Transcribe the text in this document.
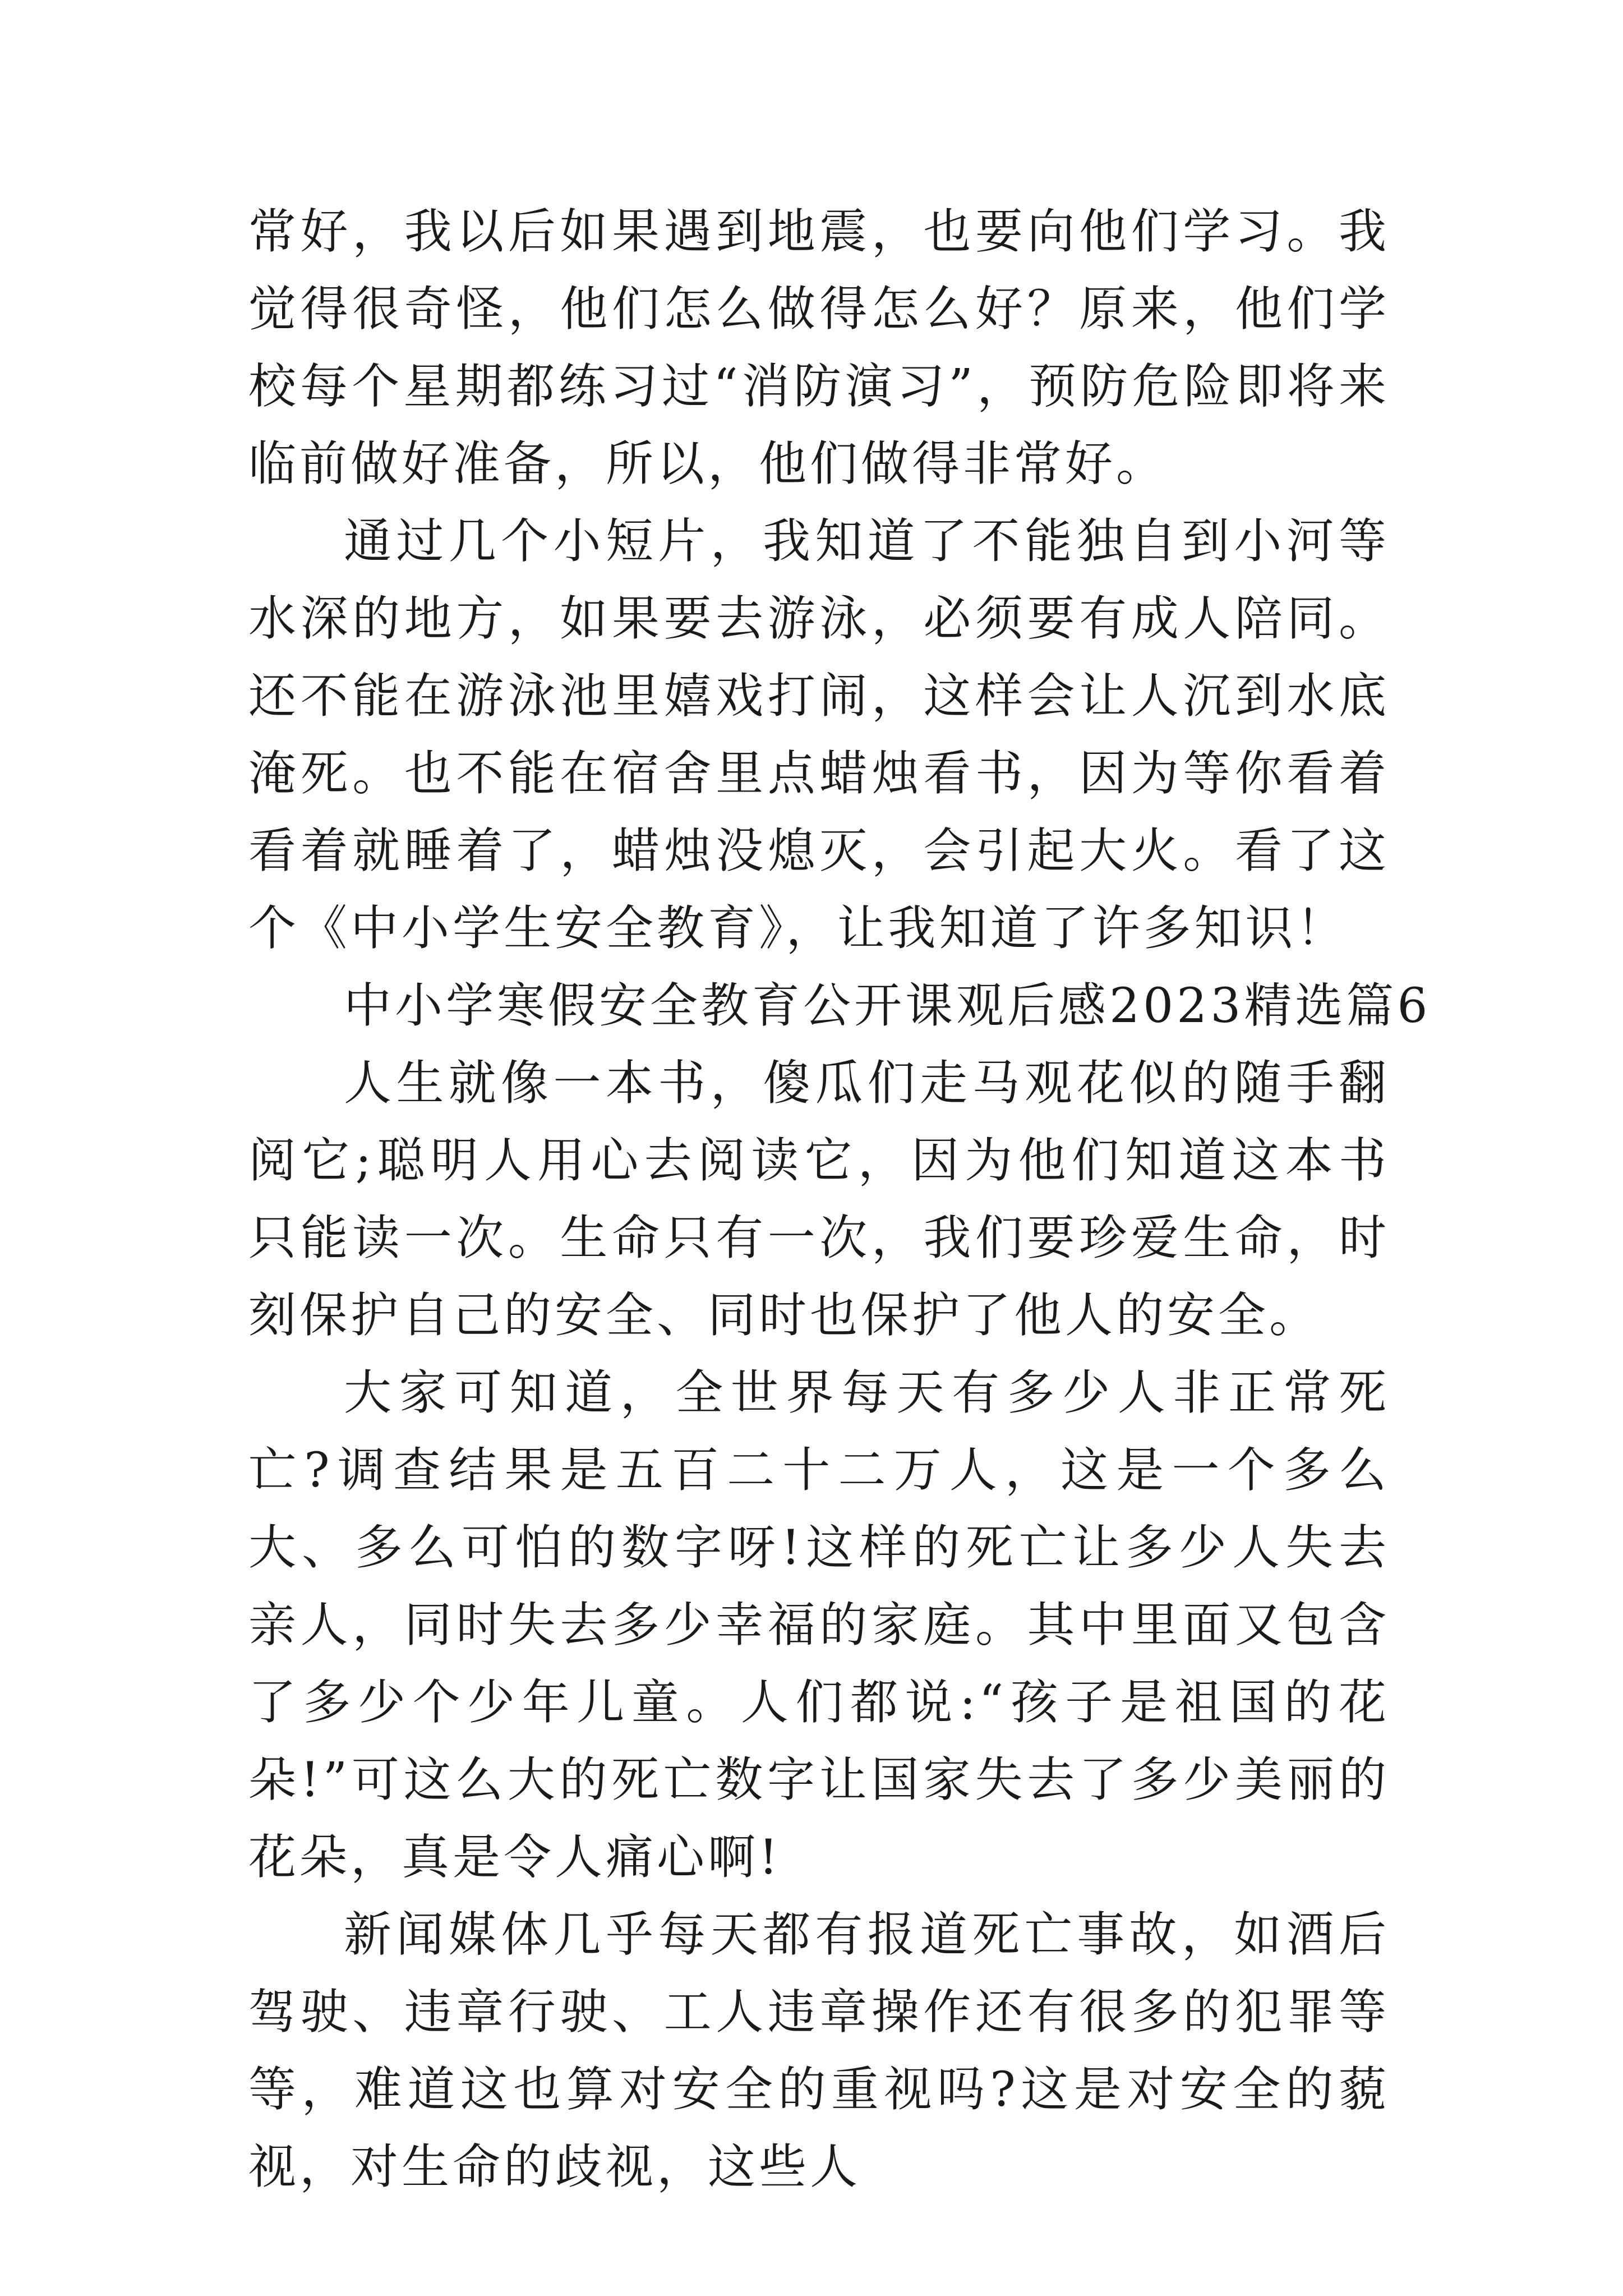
常好，我以后如果遇到地震，也要向他们学习。我觉得很奇怪，他们怎么做得怎么好？原来，他们学校每个星期都练习过“消防演习”，预防危险即将来临前做好准备，所以，他们做得非常好。

通过几个小短片，我知道了不能独自到小河等水深的地方，如果要去游泳，必须要有成人陪同。还不能在游泳池里嬉戏打闹，这样会让人沉到水底淹死。也不能在宿舍里点蜡烛看书，因为等你看着看着就睡着了，蜡烛没熄灭，会引起大火。看了这个《中小学生安全教育》，让我知道了许多知识！

中小学寒假安全教育公开课观后感2023精选篇6

人生就像一本书，傻瓜们走马观花似的随手翻阅它;聪明人用心去阅读它，因为他们知道这本书只能读一次。生命只有一次，我们要珍爱生命，时刻保护自己的安全、同时也保护了他人的安全。

大家可知道，全世界每天有多少人非正常死亡?调查结果是五百二十二万人，这是一个多么大、多么可怕的数字呀!这样的死亡让多少人失去亲人，同时失去多少幸福的家庭。其中里面又包含了多少个少年儿童。人们都说:“孩子是祖国的花朵!”可这么大的死亡数字让国家失去了多少美丽的花朵，真是令人痛心啊!

新闻媒体几乎每天都有报道死亡事故，如酒后驾驶、违章行驶、工人违章操作还有很多的犯罪等等，难道这也算对安全的重视吗?这是对安全的藐视，对生命的歧视，这些人
